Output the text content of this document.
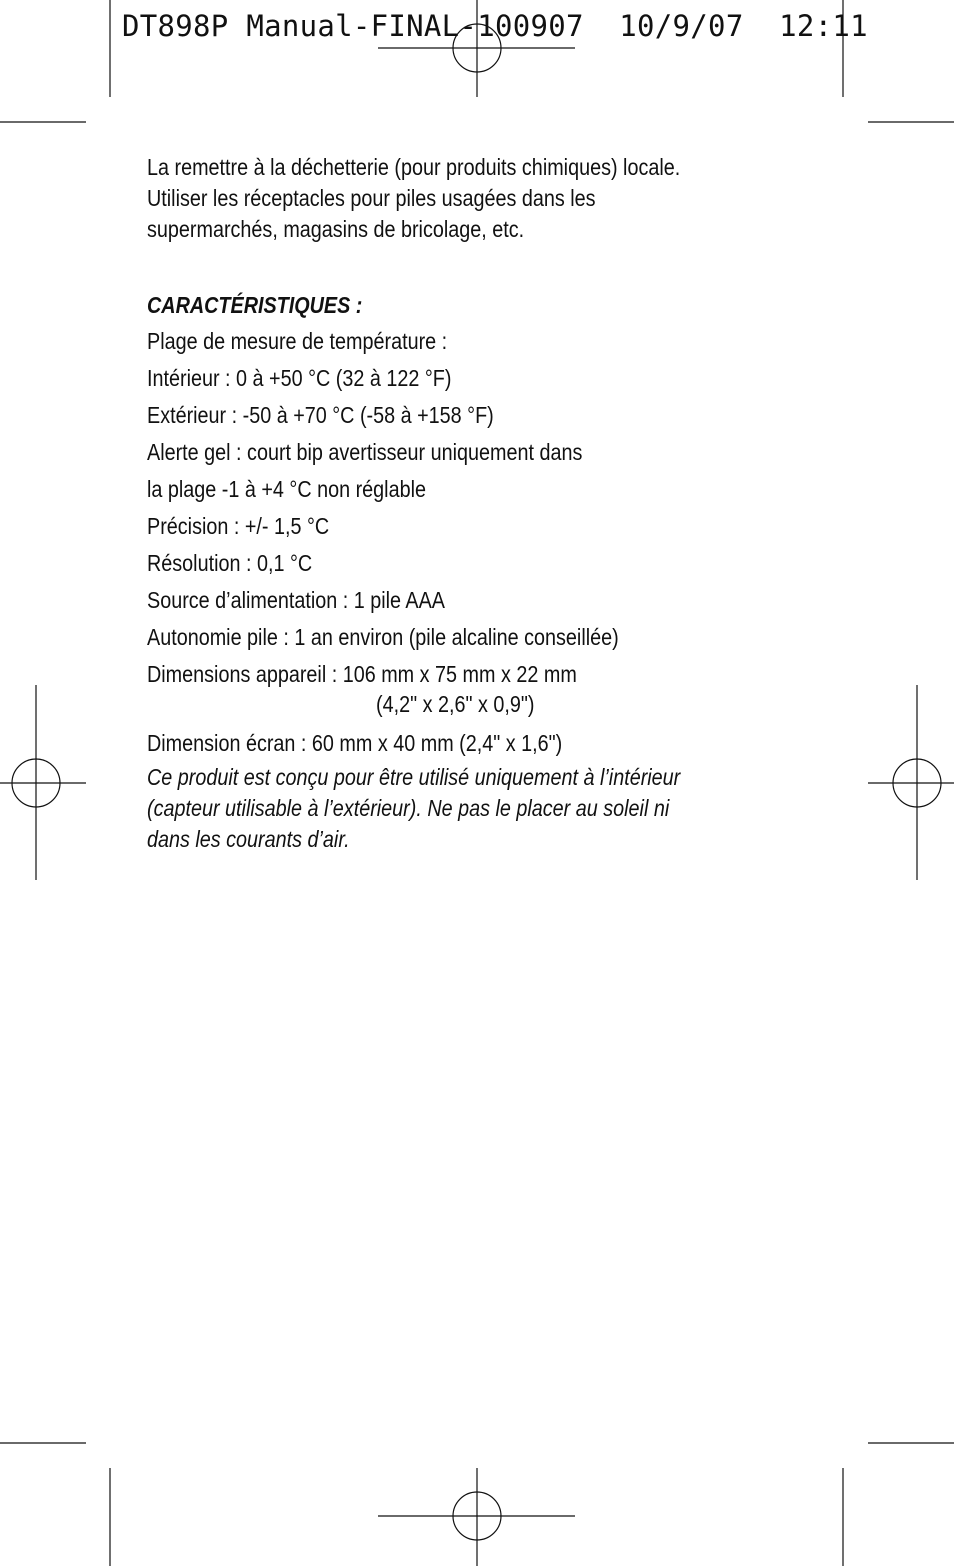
DT898P Manual-FINAL-100907  10/9/07  12:11
La remettre à la déchetterie (pour produits chimiques) locale.
Utiliser les réceptacles pour piles usagées dans les
supermarchés, magasins de bricolage, etc.
CARACTÉRISTIQUES :
Plage de mesure de température :
Intérieur : 0 à +50 °C (32 à 122 °F)
Extérieur : -50 à +70 °C (-58 à +158 °F)
Alerte gel : court bip avertisseur uniquement dans
la plage -1 à +4 °C non réglable
Précision : +/- 1,5 °C
Résolution : 0,1 °C
Source d’alimentation : 1 pile AAA
Autonomie pile : 1 an environ (pile alcaline conseillée)
Dimensions appareil : 106 mm x 75 mm x 22 mm
(4,2" x 2,6" x 0,9")
Dimension écran : 60 mm x 40 mm (2,4" x 1,6")
Ce produit est conçu pour être utilisé uniquement à l’intérieur
(capteur utilisable à l’extérieur). Ne pas le placer au soleil ni
dans les courants d’air.
